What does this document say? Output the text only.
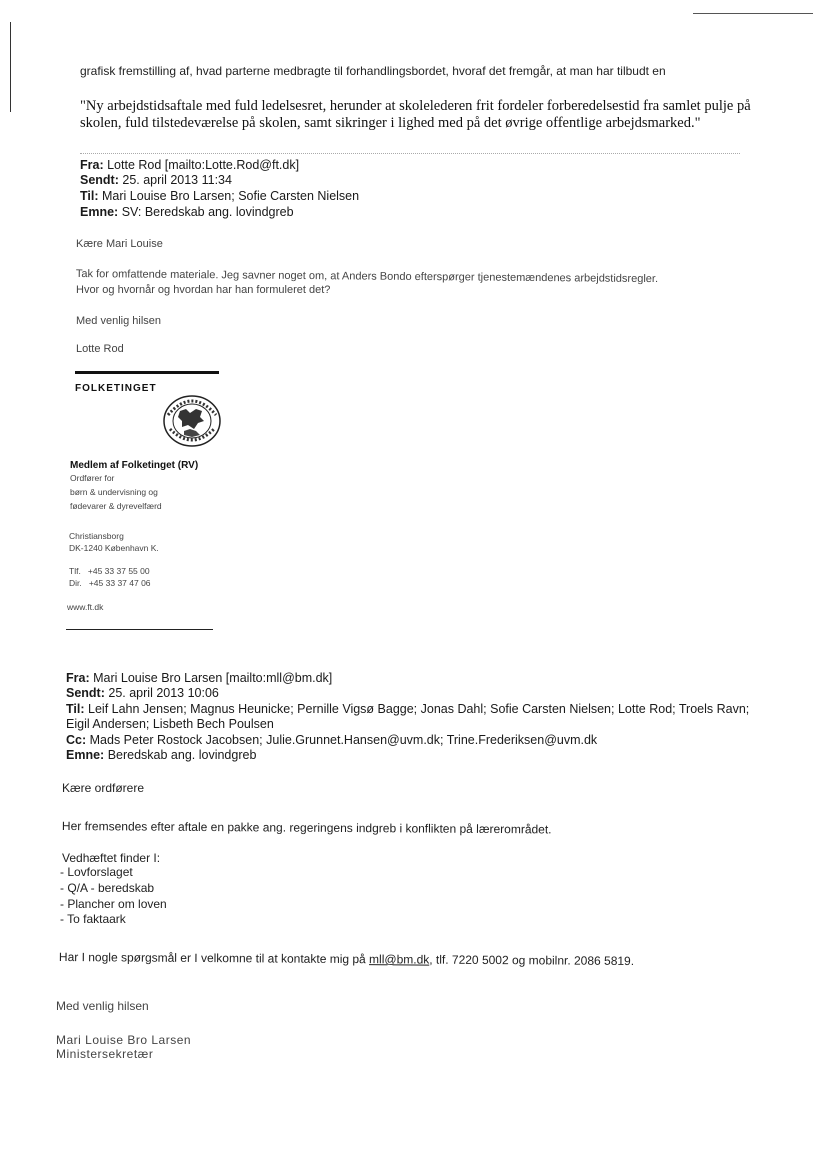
grafisk fremstilling af, hvad parterne medbragte til forhandlingsbordet, hvoraf det fremgår, at man har tilbudt en
"Ny arbejdstidsaftale med fuld ledelsesret, herunder at skolelederen frit fordeler forberedelsestid fra samlet pulje på
skolen, fuld tilstedeværelse på skolen, samt sikringer i lighed med på det øvrige offentlige arbejdsmarked."
Fra: Lotte Rod [mailto:Lotte.Rod@ft.dk]
Sendt: 25. april 2013 11:34
Til: Mari Louise Bro Larsen; Sofie Carsten Nielsen
Emne: SV: Beredskab ang. lovindgreb
Kære Mari Louise
Tak for omfattende materiale. Jeg savner noget om, at Anders Bondo efterspørger tjenestemændenes arbejdstidsregler.
Hvor og hvornår og hvordan har han formuleret det?
Med venlig hilsen
Lotte Rod
FOLKETINGET
Medlem af Folketinget (RV)
Ordfører for
børn & undervisning og
fødevarer & dyrevelfærd
Christiansborg
DK-1240 København K.
Tlf. +45 33 37 55 00
Dir. +45 33 37 47 06
www.ft.dk
Fra: Mari Louise Bro Larsen [mailto:mll@bm.dk]
Sendt: 25. april 2013 10:06
Til: Leif Lahn Jensen; Magnus Heunicke; Pernille Vigsø Bagge; Jonas Dahl; Sofie Carsten Nielsen; Lotte Rod; Troels Ravn;
Eigil Andersen; Lisbeth Bech Poulsen
Cc: Mads Peter Rostock Jacobsen; Julie.Grunnet.Hansen@uvm.dk; Trine.Frederiksen@uvm.dk
Emne: Beredskab ang. lovindgreb
Kære ordførere
Her fremsendes efter aftale en pakke ang. regeringens indgreb i konflikten på lærerområdet.
Vedhæftet finder I:
- Lovforslaget
- Q/A - beredskab
- Plancher om loven
- To faktaark
Har I nogle spørgsmål er I velkomne til at kontakte mig på mll@bm.dk, tlf. 7220 5002 og mobilnr. 2086 5819.
Med venlig hilsen
Mari Louise Bro Larsen
Ministersekretær
